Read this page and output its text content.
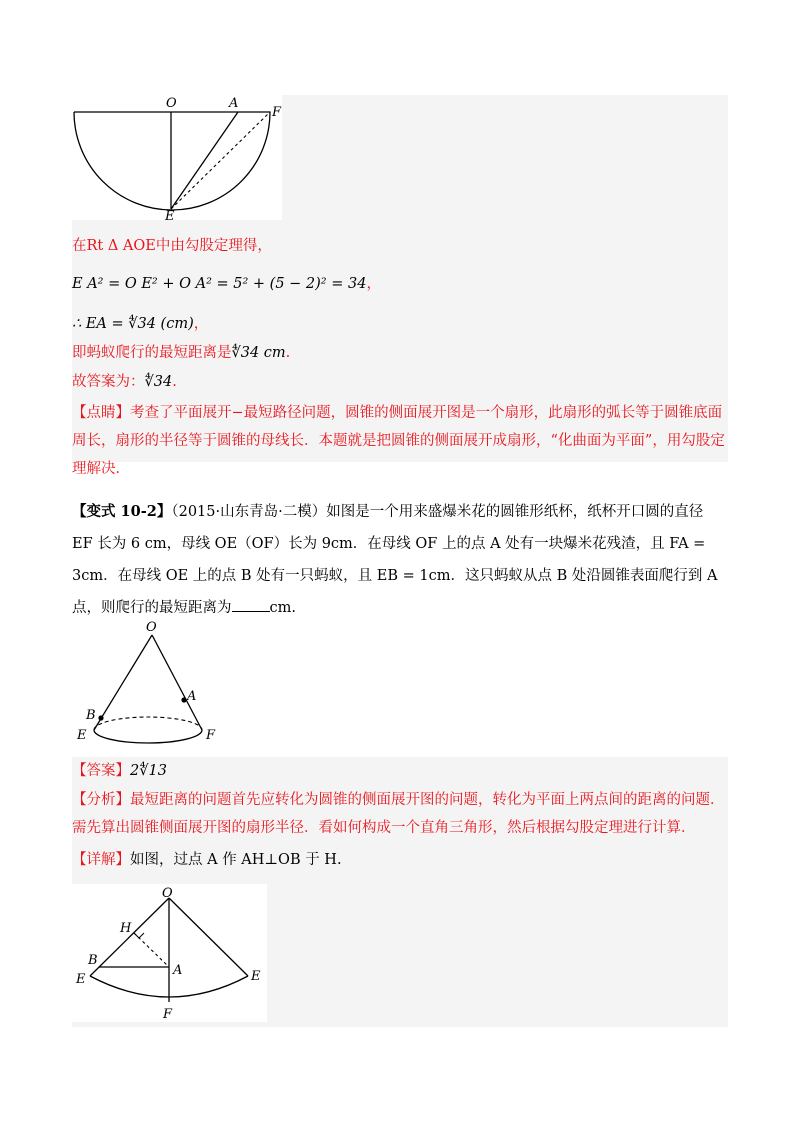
O	A
F
E
在Rt Δ AOE中由勾股定理得，
E A² = O E² + O A² = 5² + (5 − 2)² = 34，
∴ EA = ∜34 (cm)，
即蚂蚁爬行的最短距离是∜34 cm.
故答案为：∜34.
【点睛】考查了平面展开−最短路径问题，圆锥的侧面展开图是一个扇形，此扇形的弧长等于圆锥底面周长，扇形的半径等于圆锥的母线长．本题就是把圆锥的侧面展开成扇形，“化曲面为平面”，用勾股定理解决．
【变式 10-2】（2015·山东青岛·二模）如图是一个用来盛爆米花的圆锥形纸杯，纸杯开口圆的直径 EF 长为 6 cm，母线 OE（OF）长为 9cm．在母线 OF 上的点 A 处有一块爆米花残渣，且 FA = 3cm．在母线 OE 上的点 B 处有一只蚂蚁，且 EB = 1cm．这只蚂蚁从点 B 处沿圆锥表面爬行到 A 点，则爬行的最短距离为	cm.
O
A
B
E	F
【答案】2∜13
【分析】最短距离的问题首先应转化为圆锥的侧面展开图的问题，转化为平面上两点间的距离的问题．需先算出圆锥侧面展开图的扇形半径．看如何构成一个直角三角形，然后根据勾股定理进行计算．
【详解】如图，过点 A 作 AH⊥OB 于 H.
O
H
B
A
E	E
F
